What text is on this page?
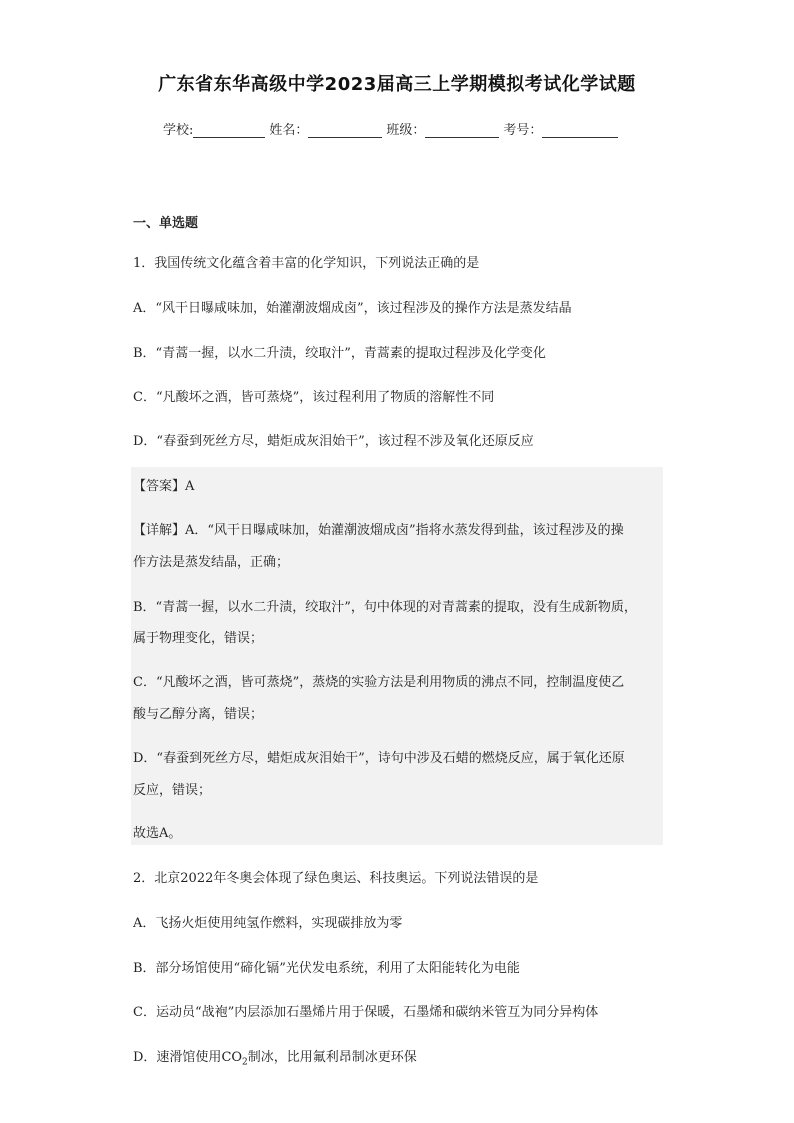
广东省东华高级中学2023届高三上学期模拟考试化学试题
学校:	姓名：	班级：	考号：
一、单选题
1．我国传统文化蕴含着丰富的化学知识，下列说法正确的是
A．“风干日曝咸味加，始灌潮波熘成卤”，该过程涉及的操作方法是蒸发结晶
B．“青蒿一握，以水二升渍，绞取汁”，青蒿素的提取过程涉及化学变化
C．“凡酸坏之酒，皆可蒸烧”，该过程利用了物质的溶解性不同
D．“春蚕到死丝方尽，蜡炬成灰泪始干”，该过程不涉及氧化还原反应
【答案】A
【详解】A．“风干日曝咸味加，始灌潮波熘成卤”指将水蒸发得到盐，该过程涉及的操
作方法是蒸发结晶，正确；
B．“青蒿一握，以水二升渍，绞取汁”，句中体现的对青蒿素的提取，没有生成新物质，
属于物理变化，错误；
C．“凡酸坏之酒，皆可蒸烧”，蒸烧的实验方法是利用物质的沸点不同，控制温度使乙
酸与乙醇分离，错误；
D．“春蚕到死丝方尽，蜡炬成灰泪始干”，诗句中涉及石蜡的燃烧反应，属于氧化还原
反应，错误；
故选A。
2．北京2022年冬奥会体现了绿色奥运、科技奥运。下列说法错误的是
A．飞扬火炬使用纯氢作燃料，实现碳排放为零
B．部分场馆使用“碲化镉”光伏发电系统，利用了太阳能转化为电能
C．运动员“战袍”内层添加石墨烯片用于保暖，石墨烯和碳纳米管互为同分异构体
D．速滑馆使用$CO_2$制冰，比用氟利昂制冰更环保
